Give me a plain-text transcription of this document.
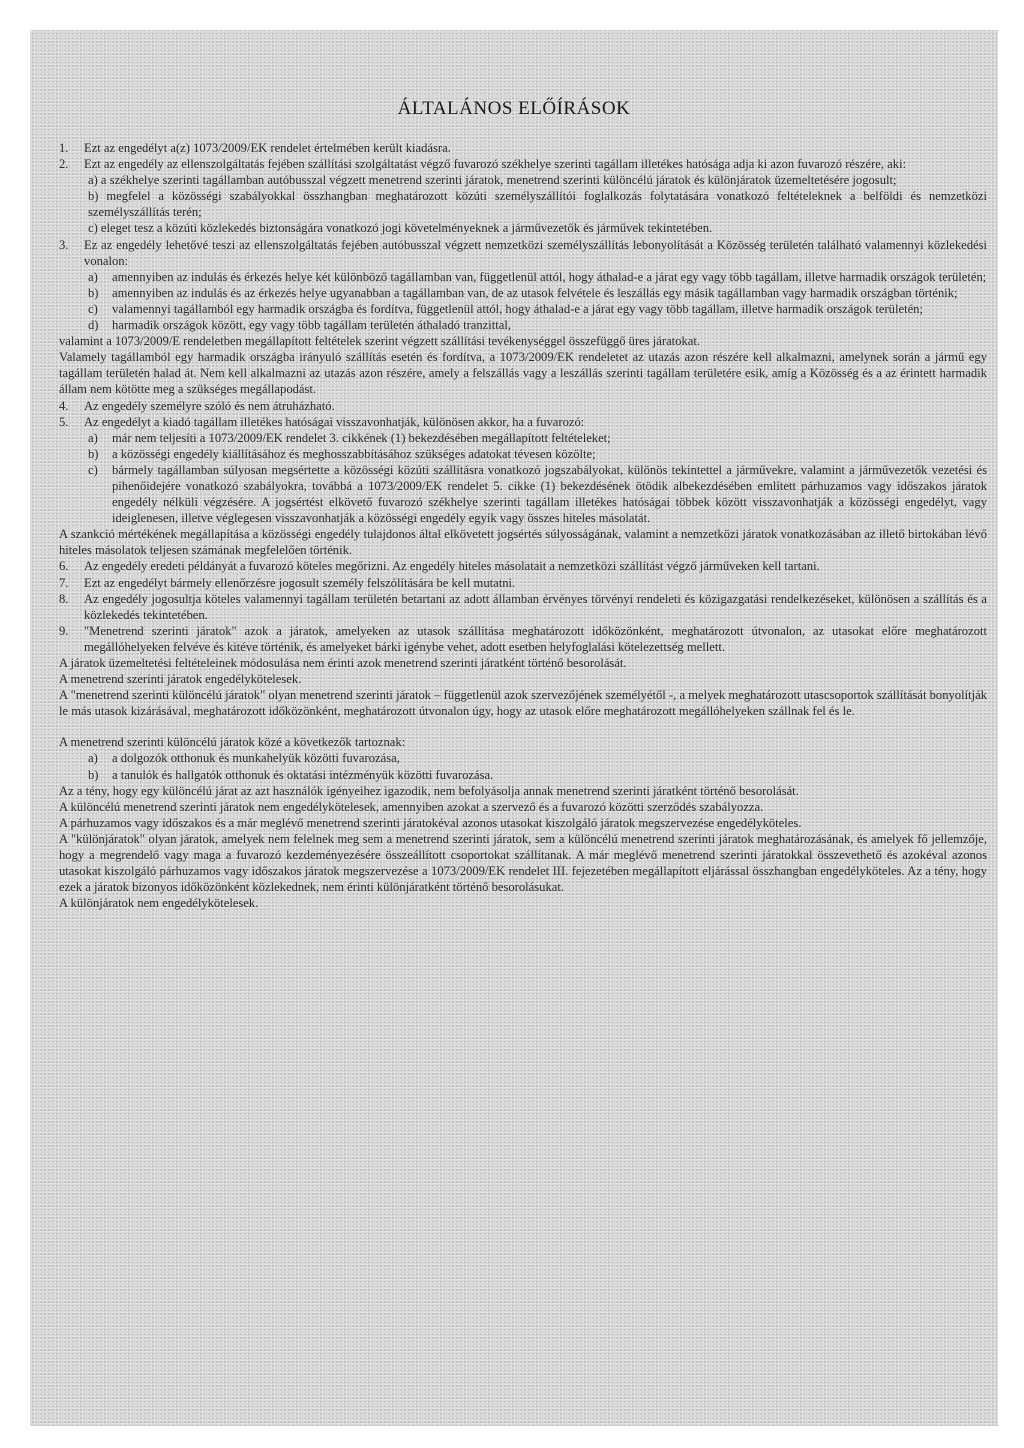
ÁLTALÁNOS ELŐÍRÁSOK
1.	Ezt az engedélyt a(z) 1073/2009/EK rendelet értelmében került kiadásra.
2.	Ezt az engedély az ellenszolgáltatás fejében szállítási szolgáltatást végző fuvarozó székhelye szerinti tagállam illetékes hatósága adja ki azon fuvarozó részére, aki:

a) a székhelye szerinti tagállamban autóbusszal végzett menetrend szerinti járatok, menetrend szerinti különcélú járatok és különjáratok üzemeltetésére jogosult;

b) megfelel a közösségi szabályokkal összhangban meghatározott közúti személyszállítói foglalkozás folytatására vonatkozó feltételeknek a belföldi és nemzetközi személyszállítás terén;

c) eleget tesz a közúti közlekedés biztonságára vonatkozó jogi követelményeknek a járművezetők és járművek tekintetében.

3.	Ez az engedély lehetővé teszi az ellenszolgáltatás fejében autóbusszal végzett nemzetközi személyszállítás lebonyolítását a Közösség területén található valamennyi közlekedési vonalon:
a)	amennyiben az indulás és érkezés helye két különböző tagállamban van, függetlenül attól, hogy áthalad-e a járat egy vagy több tagállam, illetve harmadik országok területén;
b)	amennyiben az indulás és az érkezés helye ugyanabban a tagállamban van, de az utasok felvétele és leszállás egy másik tagállamban vagy harmadik országban történik;
c)	valamennyi tagállamból egy harmadik országba és fordítva, függetlenül attól, hogy áthalad-e a járat egy vagy több tagállam, illetve harmadik országok területén;
d)	harmadik országok között, egy vagy több tagállam területén áthaladó tranzittal,

valamint a 1073/2009/E rendeletben megállapított feltételek szerint végzett szállítási tevékenységgel összefüggő üres járatokat.

Valamely tagállamból egy harmadik országba irányuló szállítás esetén és fordítva, a 1073/2009/EK rendeletet az utazás azon részére kell alkalmazni, amelynek során a jármű egy tagállam területén halad át. Nem kell alkalmazni az utazás azon részére, amely a felszállás vagy a leszállás szerinti tagállam területére esik, amíg a Közösség és a az érintett harmadik állam nem kötötte meg a szükséges megállapodást.

4.	Az engedély személyre szóló és nem átruházható.
5.	Az engedélyt a kiadó tagállam illetékes hatóságai visszavonhatják, különösen akkor, ha a fuvarozó:
a)	már nem teljesíti a 1073/2009/EK rendelet 3. cikkének (1) bekezdésében megállapított feltételeket;
b)	a közösségi engedély kiállításához és meghosszabbításához szükséges adatokat tévesen közölte;
c)	bármely tagállamban súlyosan megsértette a közösségi közúti szállításra vonatkozó jogszabályokat, különös tekintettel a járművekre, valamint a járművezetők vezetési és pihenőidejére vonatkozó szabályokra, továbbá a 1073/2009/EK rendelet 5. cikke (1) bekezdésének ötödik albekezdésében említett párhuzamos vagy időszakos járatok engedély nélküli végzésére. A jogsértést elkövető fuvarozó székhelye szerinti tagállam illetékes hatóságai többek között visszavonhatják a közösségi engedélyt, vagy ideiglenesen, illetve véglegesen visszavonhatják a közösségi engedély egyik vagy összes hiteles másolatát.

A szankció mértékének megállapítása a közösségi engedély tulajdonos által elkövetett jogsértés súlyosságának, valamint a nemzetközi járatok vonatkozásában az illető birtokában lévő hiteles másolatok teljesen számának megfelelően történik.

6.	Az engedély eredeti példányát a fuvarozó köteles megőrizni. Az engedély hiteles másolatait a nemzetközi szállítást végző járműveken kell tartani.
7.	Ezt az engedélyt bármely ellenőrzésre jogosult személy felszólítására be kell mutatni.
8.	Az engedély jogosultja köteles valamennyi tagállam területén betartani az adott államban érvényes törvényi rendeleti és közigazgatási rendelkezéseket, különösen a szállítás és a közlekedés tekintetében.
9.	"Menetrend szerinti járatok" azok a járatok, amelyeken az utasok szállítása meghatározott időközönként, meghatározott útvonalon, az utasokat előre meghatározott megállóhelyeken felvéve és kitéve történik, és amelyeket bárki igénybe vehet, adott esetben helyfoglalási kötelezettség mellett.

A járatok üzemeltetési feltételeinek módosulása nem érinti azok menetrend szerinti járatként történő besorolását.

A menetrend szerinti járatok engedélykötelesek.

A "menetrend szerinti különcélú járatok" olyan menetrend szerinti járatok – függetlenül azok szervezőjének személyétől -, a melyek meghatározott utascsoportok szállítását bonyolítják le más utasok kizárásával, meghatározott időközönként, meghatározott útvonalon úgy, hogy az utasok előre meghatározott megállóhelyeken szállnak fel és le.

A menetrend szerinti különcélú járatok közé a következők tartoznak:

a)	a dolgozók otthonuk és munkahelyük közötti fuvarozása,
b)	a tanulók és hallgatók otthonuk és oktatási intézményük közötti fuvarozása.

Az a tény, hogy egy különcélú járat az azt használók igényeihez igazodik, nem befolyásolja annak menetrend szerinti járatként történő besorolását.

A különcélú menetrend szerinti járatok nem engedélykötelesek, amennyiben azokat a szervező és a fuvarozó közötti szerződés szabályozza.

A párhuzamos vagy időszakos és a már meglévő menetrend szerinti járatokéval azonos utasokat kiszolgáló járatok megszervezése engedélyköteles.

A "különjáratok" olyan járatok, amelyek nem felelnek meg sem a menetrend szerinti járatok, sem a különcélú menetrend szerinti járatok meghatározásának, és amelyek fő jellemzője, hogy a megrendelő vagy maga a fuvarozó kezdeményezésére összeállított csoportokat szállítanak. A már meglévő menetrend szerinti járatokkal összevethető és azokéval azonos utasokat kiszolgáló párhuzamos vagy időszakos járatok megszervezése a 1073/2009/EK rendelet III. fejezetében megállapított eljárással összhangban engedélyköteles. Az a tény, hogy ezek a járatok bizonyos időközönként közlekednek, nem érinti különjáratként történő besorolásukat.

A különjáratok nem engedélykötelesek.
